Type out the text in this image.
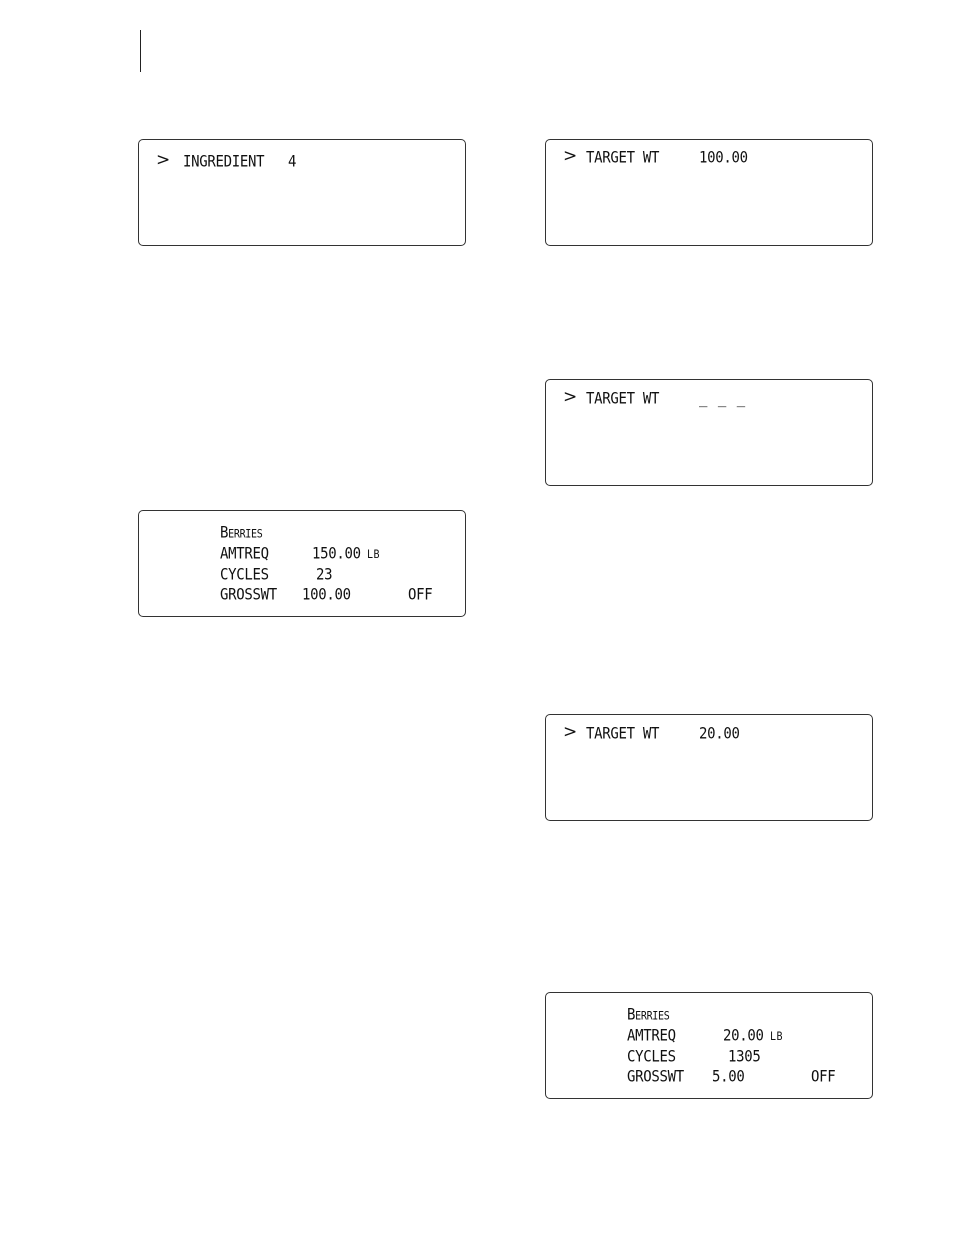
> INGREDIENT 4	> TARGET WT	100.00
> TARGET WT	_ _ _
Berries
AMTREQ	150.00 LB
CYCLES	23
GROSSWT 100.00	OFF
> TARGET WT	20.00
Berries
AMTREQ	20.00 LB
CYCLES	1305
GROSSWT 5.00	OFF
